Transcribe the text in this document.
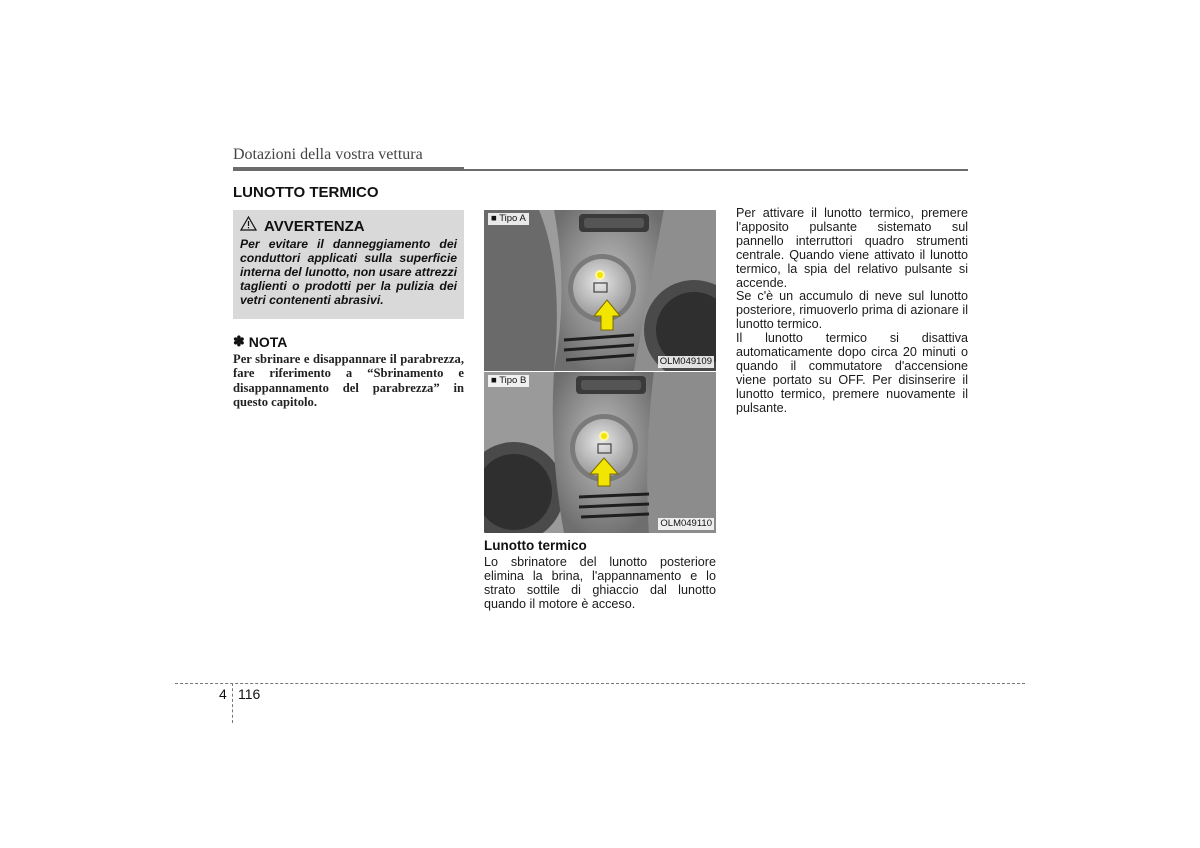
Dotazioni della vostra vettura
LUNOTTO TERMICO
AVVERTENZA
Per evitare il danneggiamento dei conduttori applicati sulla superficie interna del lunotto, non usare attrezzi taglienti o prodotti per la pulizia dei vetri contenenti abrasivi.
✽ NOTA
Per sbrinare e disappannare il parabrezza, fare riferimento a “Sbrinamento e disappannamento del parabrezza” in questo capitolo.
■ Tipo A
OLM049109
■ Tipo B
OLM049110
Lunotto termico
Lo sbrinatore del lunotto posteriore elimina la brina, l'appannamento e lo strato sottile di ghiaccio dal lunotto quando il motore è acceso.

Per attivare il lunotto termico, premere l'apposito pulsante sistemato sul pannello interruttori quadro strumenti centrale. Quando viene attivato il lunotto termico, la spia del relativo pulsante si accende.

Se c'è un accumulo di neve sul lunotto posteriore, rimuoverlo prima di azionare il lunotto termico.

Il lunotto termico si disattiva automaticamente dopo circa 20 minuti o quando il commutatore d'accensione viene portato su OFF. Per disinserire il lunotto termico, premere nuovamente il pulsante.

4 116
